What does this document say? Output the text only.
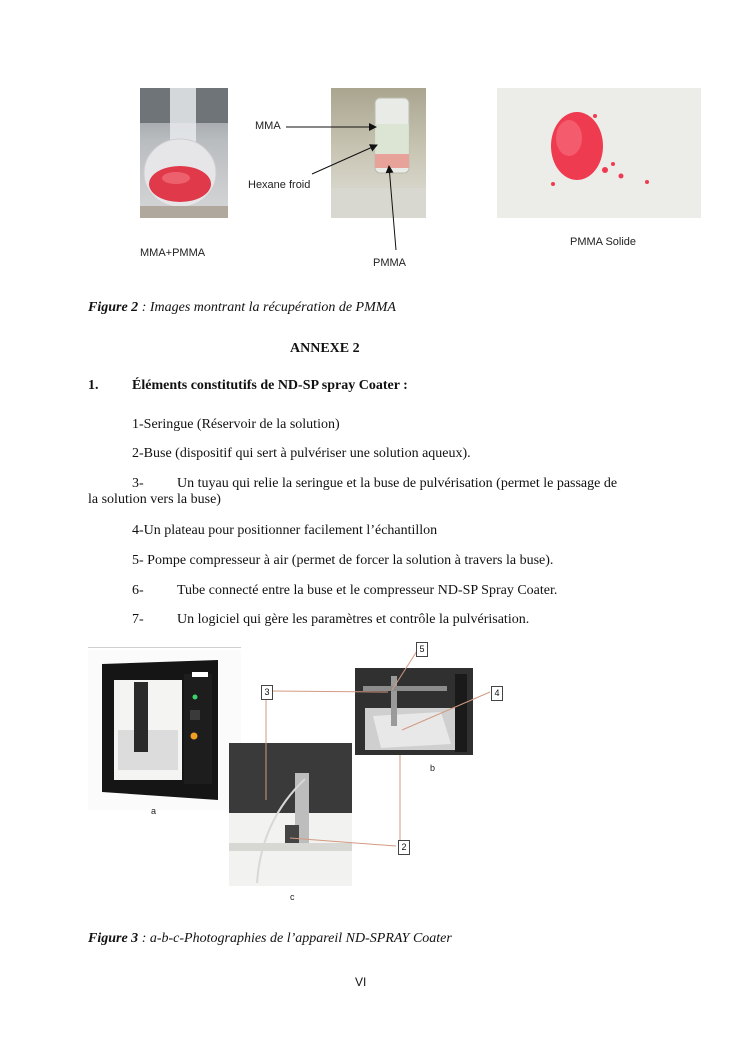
MMA
Hexane froid
PMMA
MMA+PMMA
PMMA Solide
Figure 2 : Images montrant la récupération de PMMA
ANNEXE 2
1. Éléments constitutifs de ND-SP spray Coater :
1-Seringue (Réservoir de la solution)
2-Buse (dispositif qui sert à pulvériser une solution aqueux).
3- Un tuyau qui relie la seringue et la buse de pulvérisation (permet le passage de
la solution vers la buse)
4-Un plateau pour positionner facilement l’échantillon
5- Pompe compresseur à air (permet de forcer la solution à travers la buse).
6- Tube connecté entre la buse et le compresseur ND-SP Spray Coater.
7- Un logiciel qui gère les paramètres et contrôle la pulvérisation.
a
b
c
5
3	4
2
Figure 3 : a-b-c-Photographies de l’appareil ND-SPRAY Coater
VI
